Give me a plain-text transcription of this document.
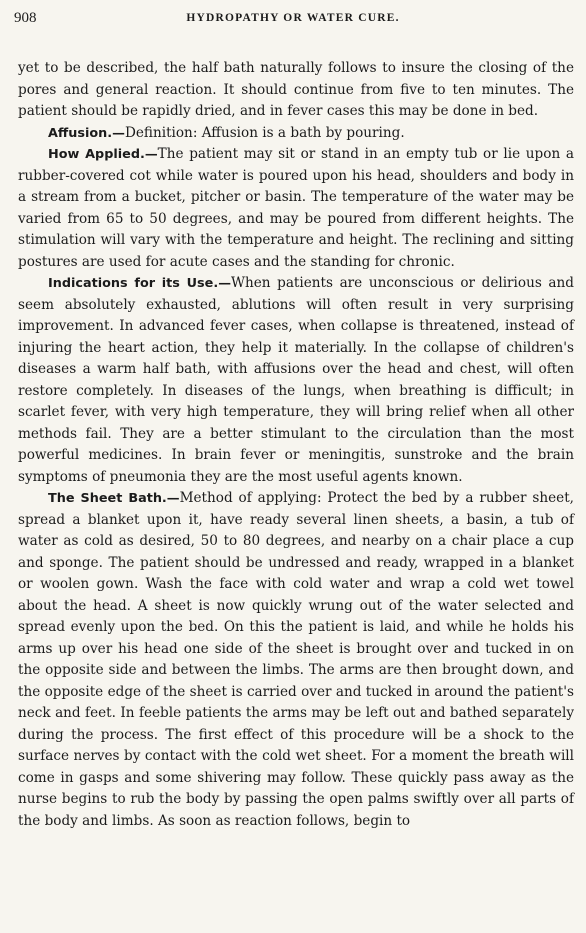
908	HYDROPATHY OR WATER CURE.

yet to be described, the half bath naturally follows to insure the closing of the pores and general reaction. It should continue from five to ten minutes. The patient should be rapidly dried, and in fever cases this may be done in bed.

Affusion.—Definition: Affusion is a bath by pouring.

How Applied.—The patient may sit or stand in an empty tub or lie upon a rubber-covered cot while water is poured upon his head, shoulders and body in a stream from a bucket, pitcher or basin. The temperature of the water may be varied from 65 to 50 degrees, and may be poured from different heights. The stimulation will vary with the temperature and height. The reclining and sitting postures are used for acute cases and the standing for chronic.

Indications for its Use.—When patients are unconscious or delirious and seem absolutely exhausted, ablutions will often result in very surprising improvement. In advanced fever cases, when collapse is threatened, instead of injuring the heart action, they help it materially. In the collapse of children's diseases a warm half bath, with affusions over the head and chest, will often restore completely. In diseases of the lungs, when breathing is difficult; in scarlet fever, with very high temperature, they will bring relief when all other methods fail. They are a better stimulant to the circulation than the most powerful medicines. In brain fever or meningitis, sunstroke and the brain symptoms of pneumonia they are the most useful agents known.

The Sheet Bath.—Method of applying: Protect the bed by a rubber sheet, spread a blanket upon it, have ready several linen sheets, a basin, a tub of water as cold as desired, 50 to 80 degrees, and nearby on a chair place a cup and sponge. The patient should be undressed and ready, wrapped in a blanket or woolen gown. Wash the face with cold water and wrap a cold wet towel about the head. A sheet is now quickly wrung out of the water selected and spread evenly upon the bed. On this the patient is laid, and while he holds his arms up over his head one side of the sheet is brought over and tucked in on the opposite side and between the limbs. The arms are then brought down, and the opposite edge of the sheet is carried over and tucked in around the patient's neck and feet. In feeble patients the arms may be left out and bathed separately during the process. The first effect of this procedure will be a shock to the surface nerves by contact with the cold wet sheet. For a moment the breath will come in gasps and some shivering may follow. These quickly pass away as the nurse begins to rub the body by passing the open palms swiftly over all parts of the body and limbs. As soon as reaction follows, begin to
